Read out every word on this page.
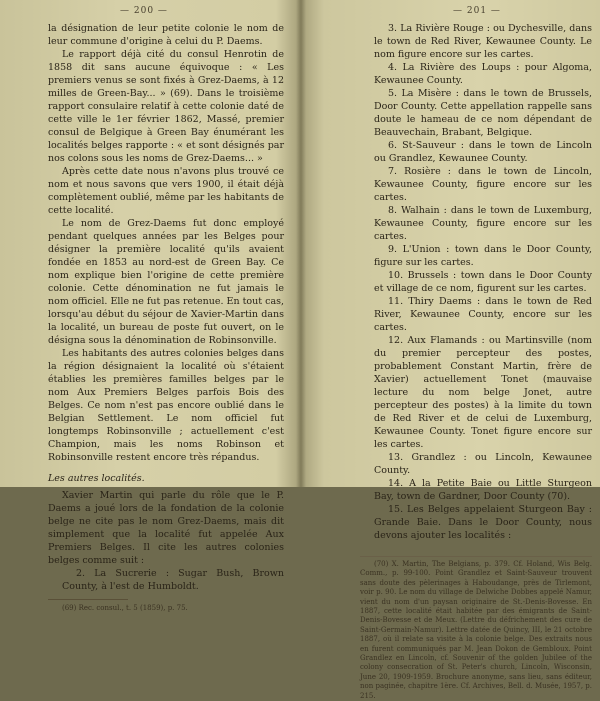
— 200 —

la désignation de leur petite colonie le nom de leur commune d'origine à celui du P. Daems.

Le rapport déjà cité du consul Henrotin de 1858 dit sans aucune équivoque : « Les premiers venus se sont fixés à Grez-Daems, à 12 milles de Green-Bay... » (69). Dans le troisième rapport consulaire relatif à cette colonie daté de cette ville le 1er février 1862, Massé, premier consul de Belgique à Green Bay énumérant les localités belges rapporte : « et sont désignés par nos colons sous les noms de Grez-Daems... »

Après cette date nous n'avons plus trouvé ce nom et nous savons que vers 1900, il était déjà complètement oublié, même par les habitants de cette localité.

Le nom de Grez-Daems fut donc employé pendant quelques années par les Belges pour désigner la première localité qu'ils avaient fondée en 1853 au nord-est de Green Bay. Ce nom explique bien l'origine de cette première colonie. Cette dénomination ne fut jamais le nom officiel. Elle ne fut pas retenue. En tout cas, lorsqu'au début du séjour de Xavier-Martin dans la localité, un bureau de poste fut ouvert, on le désigna sous la dénomination de Robinsonville.

Les habitants des autres colonies belges dans la région désignaient la localité où s'étaient établies les premières familles belges par le nom Aux Premiers Belges parfois Bois des Belges. Ce nom n'est pas encore oublié dans le Belgian Settlement. Le nom officiel fut longtemps Robinsonville ; actuellement c'est Champion, mais les noms Robinson et Robinsonville restent encore très répandus.

Les autres localités.

Xavier Martin qui parle du rôle que le P. Daems a joué lors de la fondation de la colonie belge ne cite pas le nom Grez-Daems, mais dit simplement que la localité fut appelée Aux Premiers Belges. Il cite les autres colonies belges comme suit :

2. La Sucrerie : Sugar Bush, Brown County, à l'est de Humboldt.

(69) Rec. consul., t. 5 (1859), p. 75.

— 201 —

3. La Rivière Rouge : ou Dychesville, dans le town de Red River, Kewaunee County. Le nom figure encore sur les cartes.

4. La Rivière des Loups : pour Algoma, Kewaunee County.

5. La Misère : dans le town de Brussels, Door County. Cette appellation rappelle sans doute le hameau de ce nom dépendant de Beauvechain, Brabant, Belgique.

6. St-Sauveur : dans le town de Lincoln ou Grandlez, Kewaunee County.

7. Rosière : dans le town de Lincoln, Kewaunee County, figure encore sur les cartes.

8. Walhain : dans le town de Luxemburg, Kewaunee County, figure encore sur les cartes.

9. L'Union : town dans le Door County, figure sur les cartes.

10. Brussels : town dans le Door County et village de ce nom, figurent sur les cartes.

11. Thiry Daems : dans le town de Red River, Kewaunee County, encore sur les cartes.

12. Aux Flamands : ou Martinsville (nom du premier percepteur des postes, probablement Constant Martin, frère de Xavier) actuellement Tonet (mauvaise lecture du nom belge Jonet, autre percepteur des postes) à la limite du town de Red River et de celui de Luxemburg, Kewaunee County. Tonet figure encore sur les cartes.

13. Grandlez : ou Lincoln, Kewaunee County.

14. A la Petite Baie ou Little Sturgeon Bay, town de Gardner, Door County (70).

15. Les Belges appelaient Sturgeon Bay : Grande Baie. Dans le Door County, nous devons ajouter les localités :

(70) X. Martin, The Belgians, p. 379. Cf. Holand, Wis Belg. Comm., p. 99-100. Point Grandlez et Saint-Sauveur trouvent sans doute des pèlerinages à Haboudange, près de Tirlemont, voir p. 90. Le nom du village de Delwiche Dobbes appelé Namur, vient du nom d'un paysan originaire de St.-Denis-Bovesse. En 1887, cette localité était habitée par des émigrants de Saint-Denis-Bovesse et de Meux. (Lettre du défrichement des cure de Saint-Germain-Namur). Lettre datée de Quincy, III, le 21 octobre 1887, où il relate sa visite à la colonie belge. Des extraits nous en furent communiqués par M. Jean Dokon de Gembloux. Point Grandlez en Lincoln, cf. Souvenir of the golden Jubilee of the colony consecration of St. Peter's church, Lincoln, Wisconsin, June 20, 1909-1959. Brochure anonyme, sans lieu, sans éditeur, non paginée, chapitre 1ère. Cf. Archives, Bell. d. Musée, 1957, p. 215.
